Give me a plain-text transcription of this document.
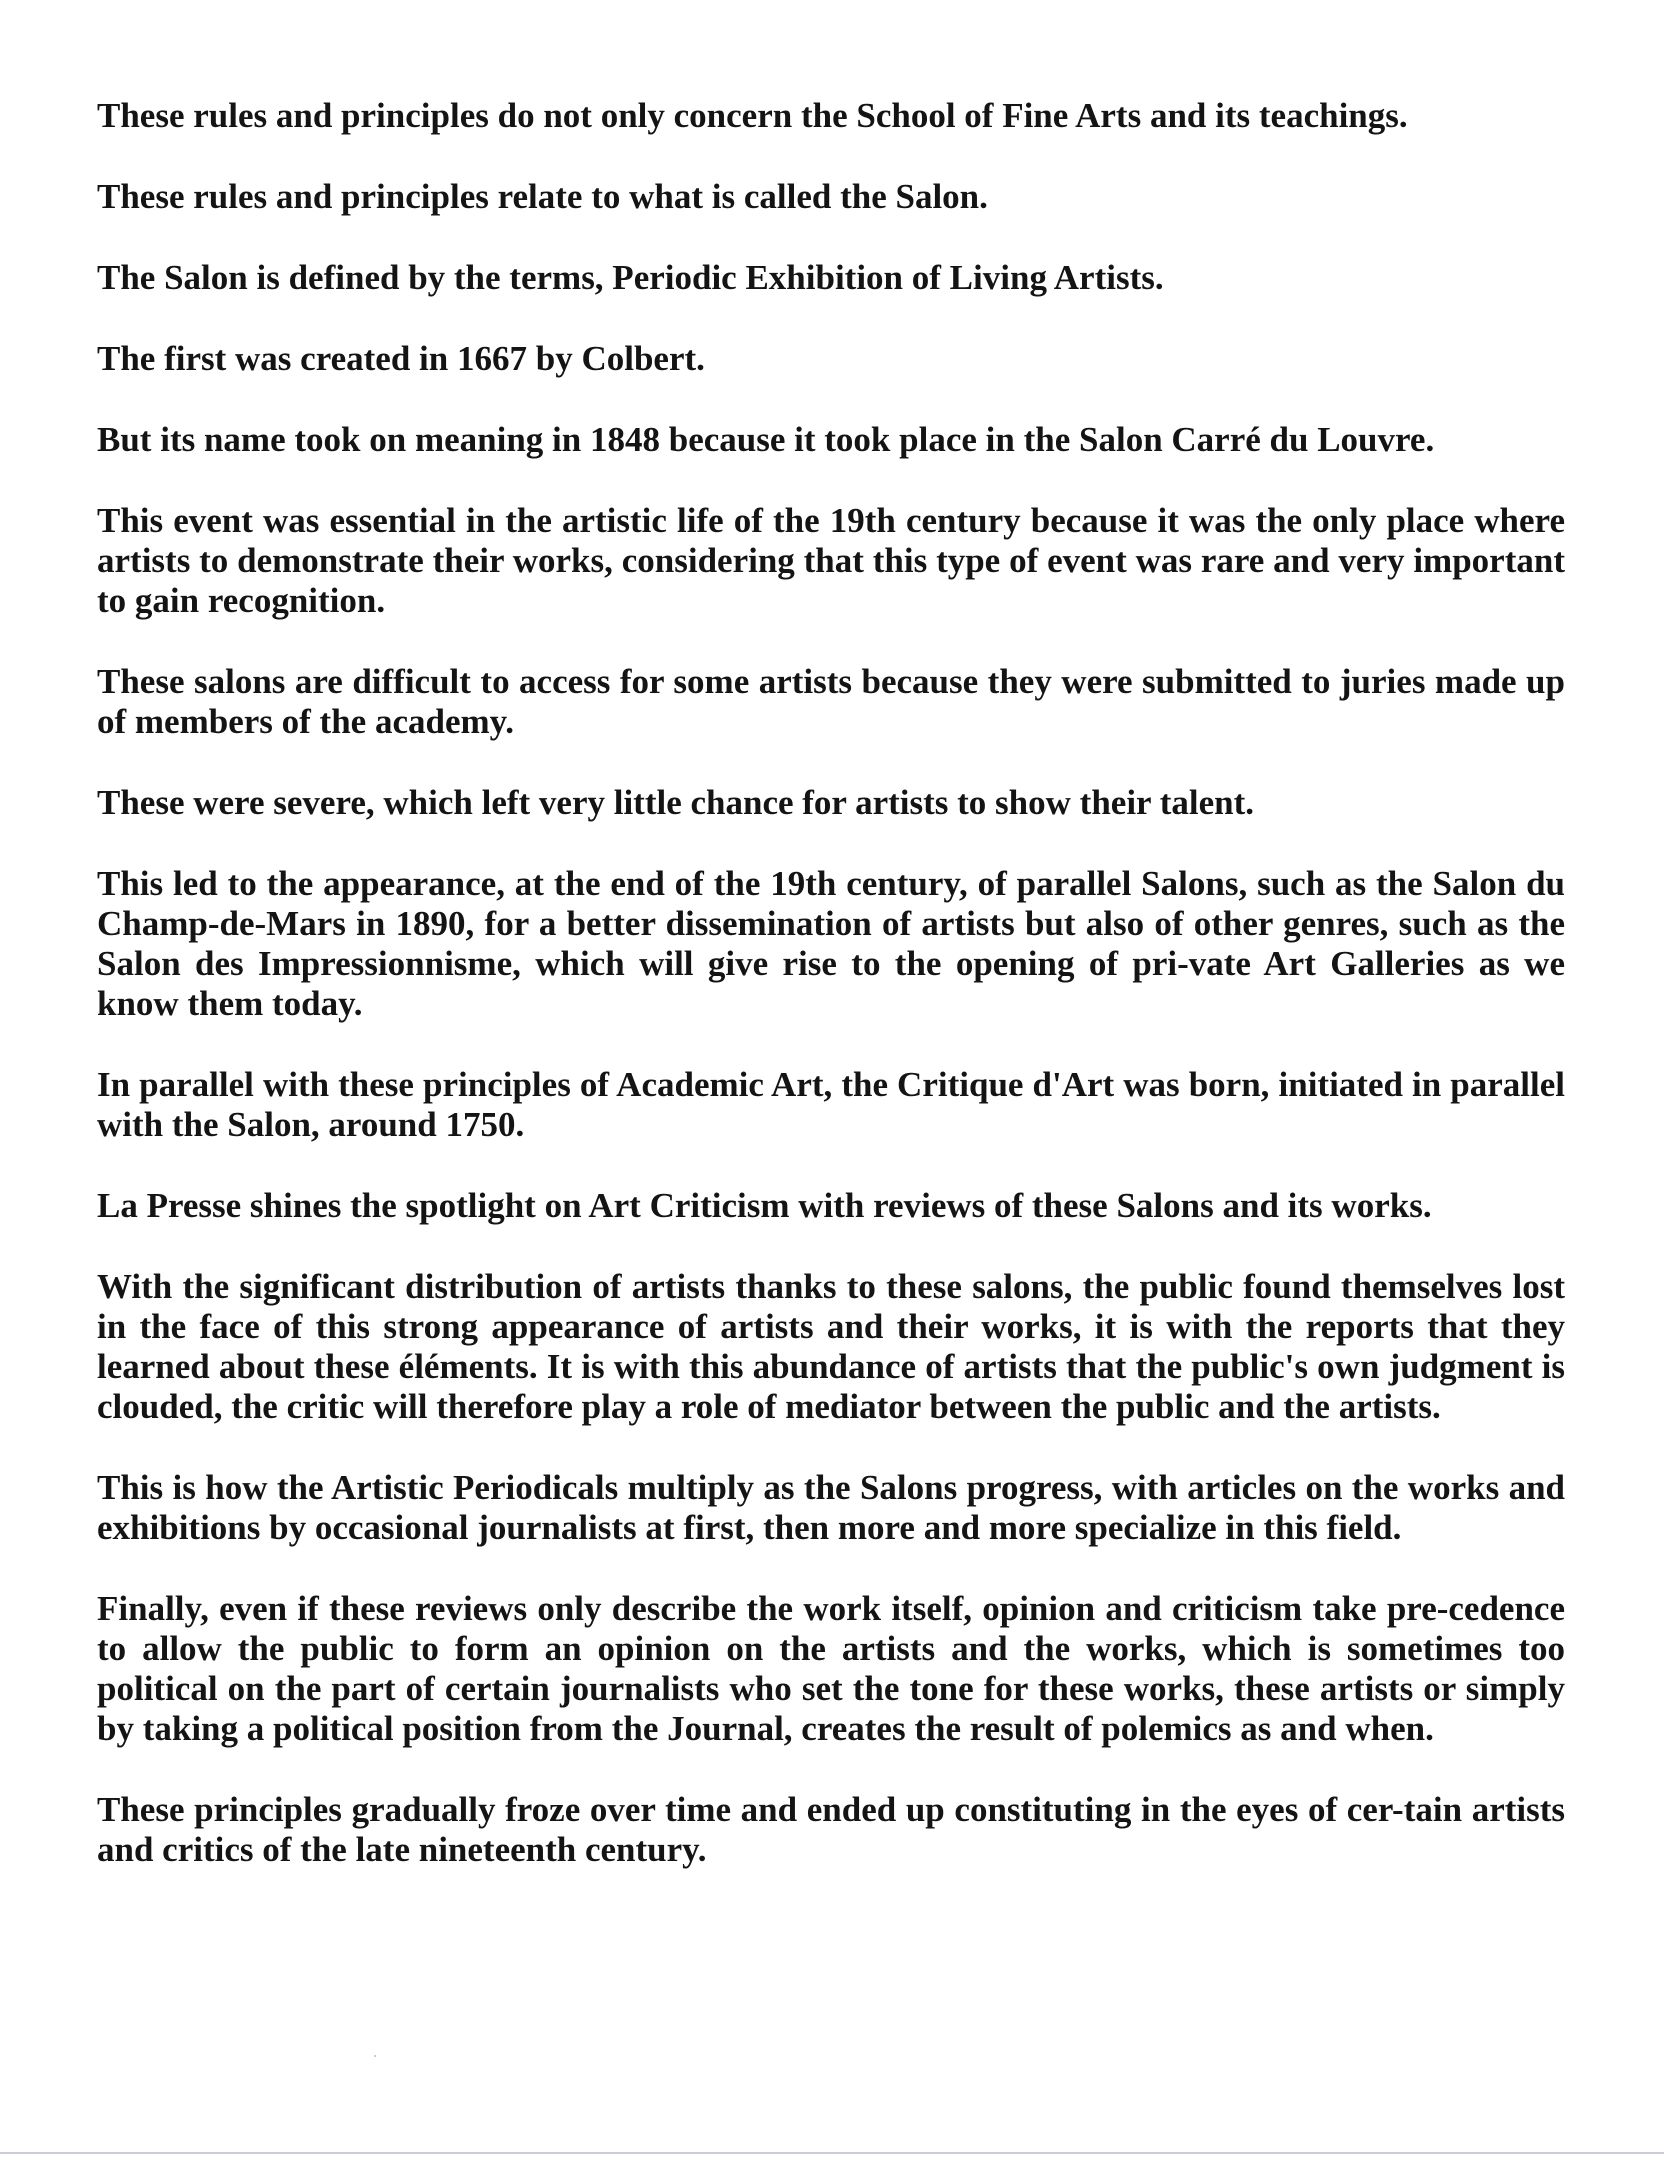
These rules and principles do not only concern the School of Fine Arts and its teachings.

These rules and principles relate to what is called the Salon.

The Salon is defined by the terms, Periodic Exhibition of Living Artists.

The first was created in 1667 by Colbert.

But its name took on meaning in 1848 because it took place in the Salon Carré du Louvre.

This event was essential in the artistic life of the 19th century because it was the only place where artists to demonstrate their works, considering that this type of event was rare and very important to gain recognition.

These salons are difficult to access for some artists because they were submitted to juries made up of members of the academy.

These were severe, which left very little chance for artists to show their talent.

This led to the appearance, at the end of the 19th century, of parallel Salons, such as the Salon du Champ-de-Mars in 1890, for a better dissemination of artists but also of other genres, such as the Salon des Impressionnisme, which will give rise to the opening of pri-vate Art Galleries as we know them today.

In parallel with these principles of Academic Art, the Critique d'Art was born, initiated in parallel with the Salon, around 1750.

La Presse shines the spotlight on Art Criticism with reviews of these Salons and its works.

With the significant distribution of artists thanks to these salons, the public found themselves lost in the face of this strong appearance of artists and their works, it is with the reports that they learned about these éléments. It is with this abundance of artists that the public's own judgment is clouded, the critic will therefore play a role of mediator between the public and the artists.

This is how the Artistic Periodicals multiply as the Salons progress, with articles on the works and exhibitions by occasional journalists at first, then more and more specialize in this field.

Finally, even if these reviews only describe the work itself, opinion and criticism take pre-cedence to allow the public to form an opinion on the artists and the works, which is sometimes too political on the part of certain journalists who set the tone for these works, these artists or simply by taking a political position from the Journal, creates the result of polemics as and when.

These principles gradually froze over time and ended up constituting in the eyes of cer-tain artists and critics of the late nineteenth century.
